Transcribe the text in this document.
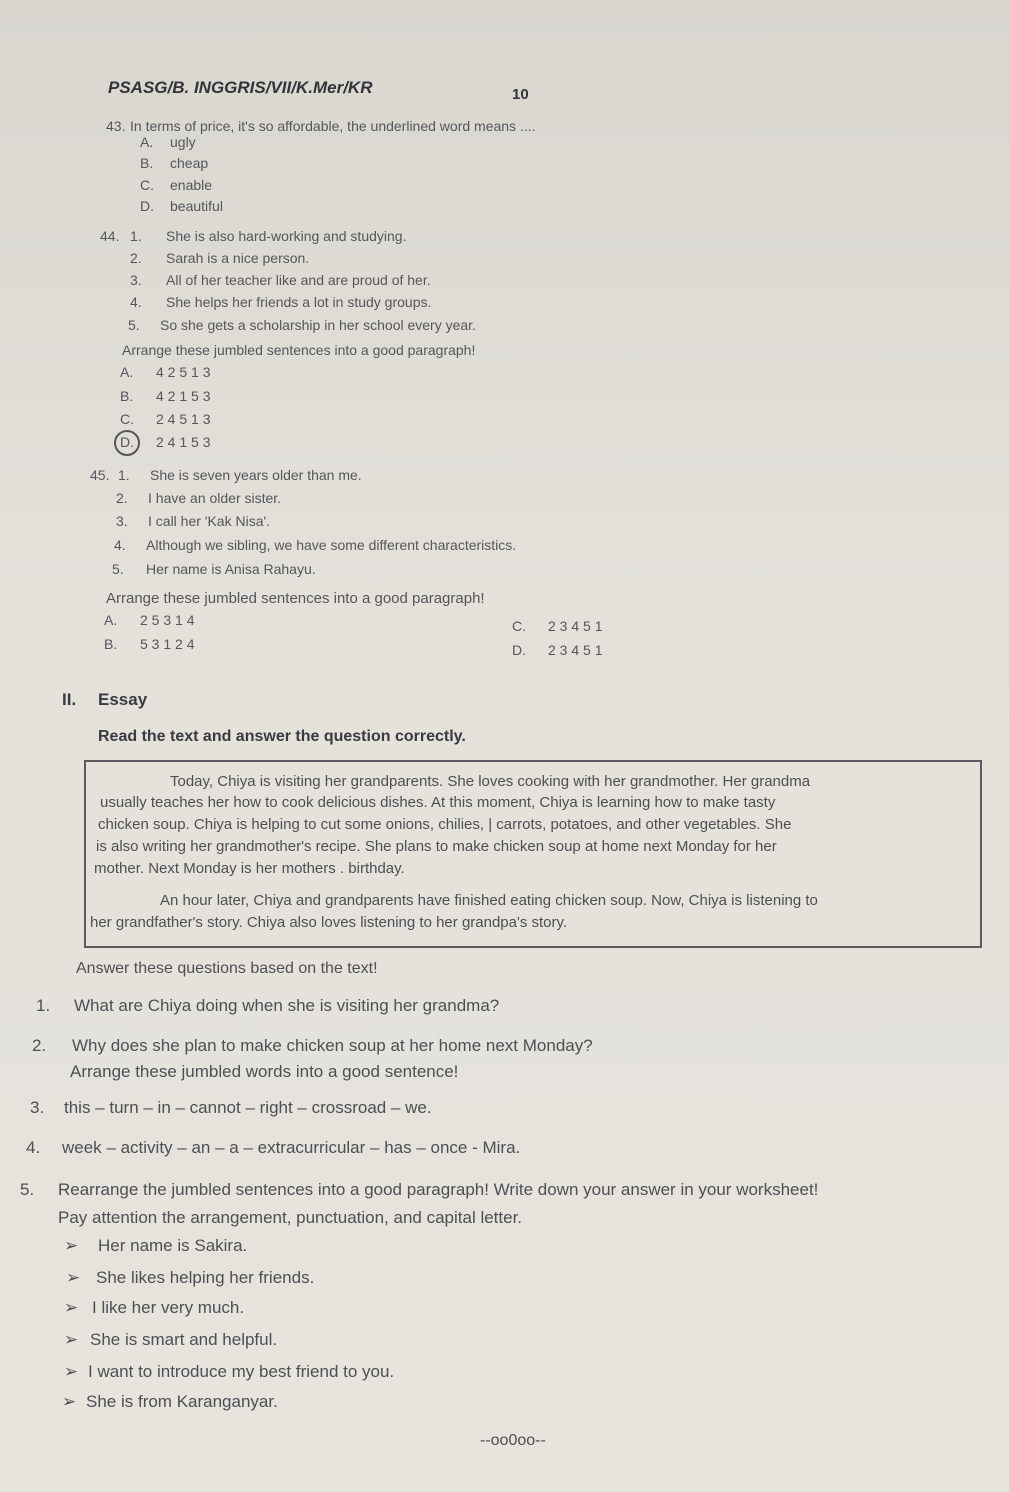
PSASG/B. INGGRIS/VII/K.Mer/KR	10
43. In terms of price, it's so affordable, the underlined word means ....
A. ugly
B. cheap
C. enable
D. beautiful
44. 1. She is also hard-working and studying.
2. Sarah is a nice person.
3. All of her teacher like and are proud of her.
4. She helps her friends a lot in study groups.
5. So she gets a scholarship in her school every year.
Arrange these jumbled sentences into a good paragraph!
A. 4 2 5 1 3
B. 4 2 1 5 3
C. 2 4 5 1 3
D. 2 4 1 5 3
45. 1. She is seven years older than me.
2. I have an older sister.
3. I call her 'Kak Nisa'.
4. Although we sibling, we have some different characteristics.
5. Her name is Anisa Rahayu.
Arrange these jumbled sentences into a good paragraph!
A. 2 5 3 1 4
B. 5 3 1 2 4
C. 2 3 4 5 1
D. 2 3 4 5 1
II. Essay
Read the text and answer the question correctly.
Today, Chiya is visiting her grandparents. She loves cooking with her grandmother. Her grandma
usually teaches her how to cook delicious dishes. At this moment, Chiya is learning how to make tasty
chicken soup. Chiya is helping to cut some onions, chilies, | carrots, potatoes, and other vegetables. She
is also writing her grandmother's recipe. She plans to make chicken soup at home next Monday for her
mother. Next Monday is her mothers . birthday.
An hour later, Chiya and grandparents have finished eating chicken soup. Now, Chiya is listening to
her grandfather's story. Chiya also loves listening to her grandpa's story.
Answer these questions based on the text!
1. What are Chiya doing when she is visiting her grandma?
2. Why does she plan to make chicken soup at her home next Monday?
Arrange these jumbled words into a good sentence!
3. this – turn – in – cannot – right – crossroad – we.
4. week – activity – an – a – extracurricular – has – once - Mira.
5. Rearrange the jumbled sentences into a good paragraph! Write down your answer in your worksheet!
Pay attention the arrangement, punctuation, and capital letter.
➢ Her name is Sakira.
➢ She likes helping her friends.
➢ I like her very much.
➢ She is smart and helpful.
➢ I want to introduce my best friend to you.
➢ She is from Karanganyar.
--oo0oo--
